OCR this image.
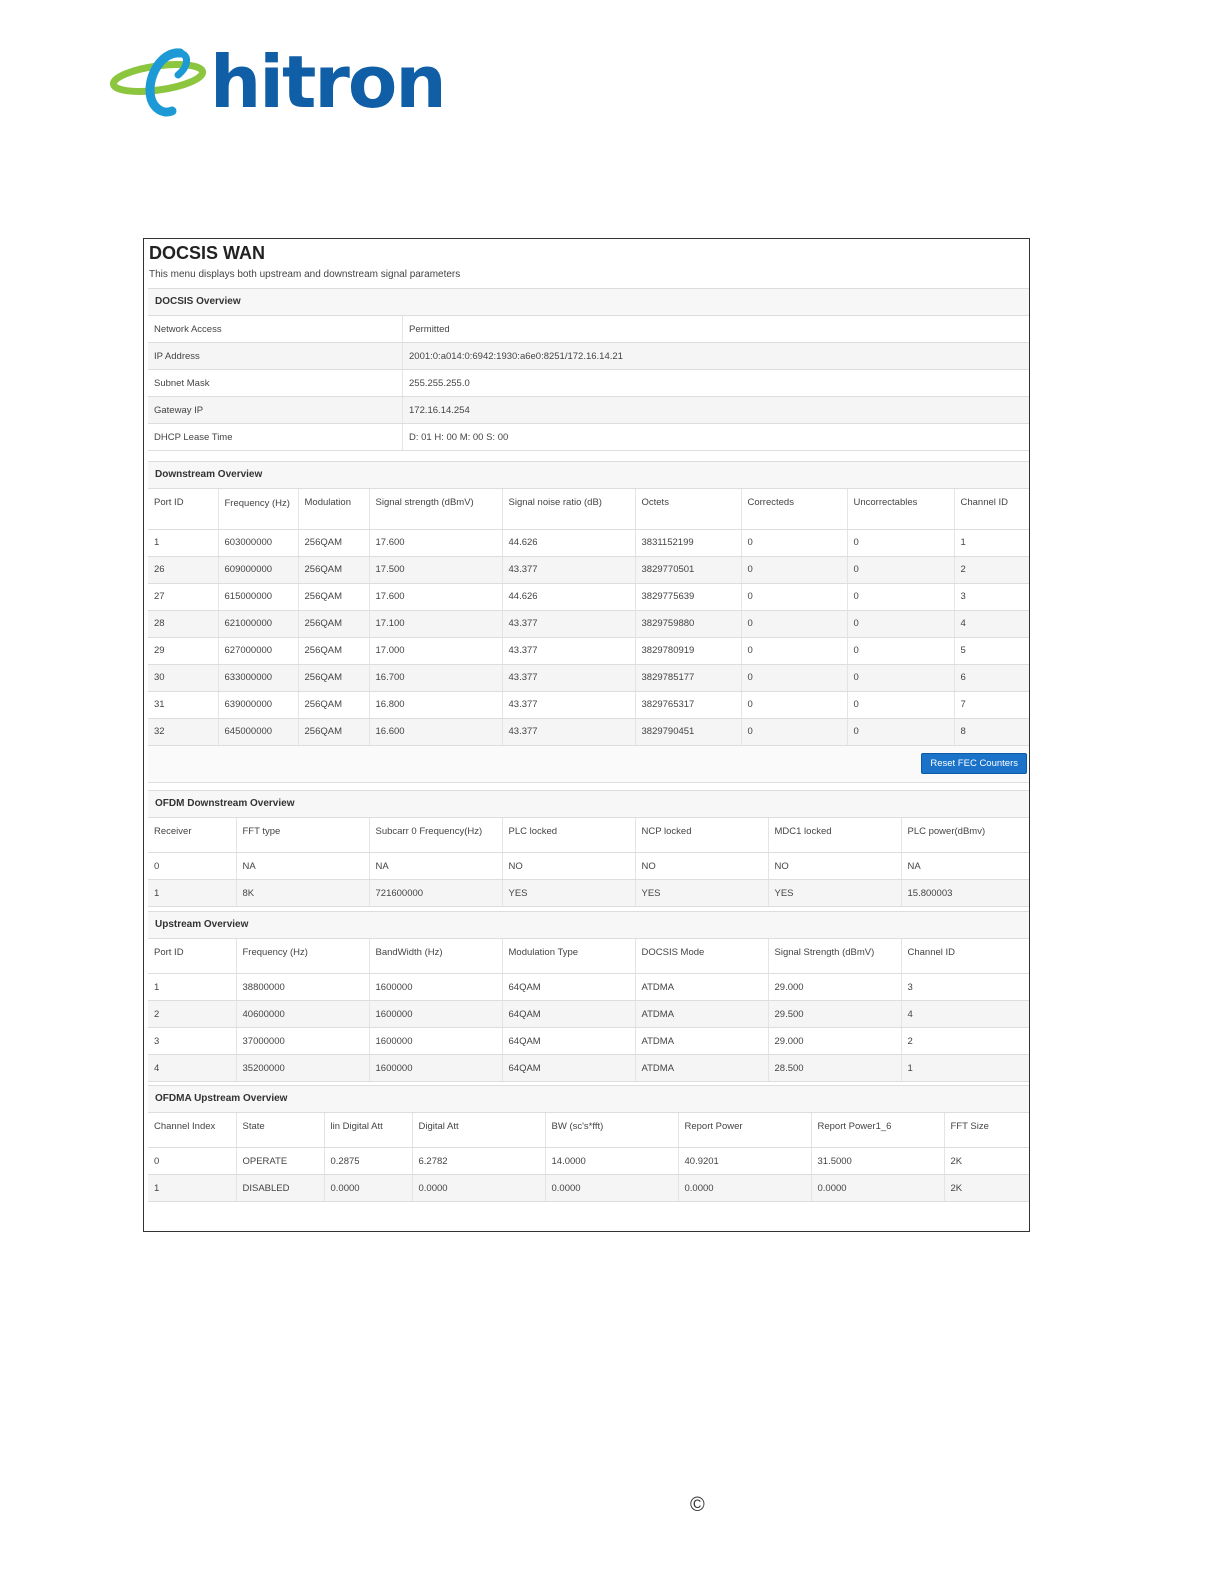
hitron
DOCSIS WAN
This menu displays both upstream and downstream signal parameters
DOCSIS Overview
Network Access	Permitted
IP Address	2001:0:a014:0:6942:1930:a6e0:8251/172.16.14.21
Subnet Mask	255.255.255.0
Gateway IP	172.16.14.254
DHCP Lease Time	D: 01 H: 00 M: 00 S: 00
Downstream Overview
Port ID	Frequency (Hz)	Modulation	Signal strength (dBmV)	Signal noise ratio (dB)	Octets	Correcteds	Uncorrectables	Channel ID
1	603000000	256QAM	17.600	44.626	3831152199	0	0	1
26	609000000	256QAM	17.500	43.377	3829770501	0	0	2
27	615000000	256QAM	17.600	44.626	3829775639	0	0	3
28	621000000	256QAM	17.100	43.377	3829759880	0	0	4
29	627000000	256QAM	17.000	43.377	3829780919	0	0	5
30	633000000	256QAM	16.700	43.377	3829785177	0	0	6
31	639000000	256QAM	16.800	43.377	3829765317	0	0	7
32	645000000	256QAM	16.600	43.377	3829790451	0	0	8
Reset FEC Counters
OFDM Downstream Overview
Receiver	FFT type	Subcarr 0 Frequency(Hz)	PLC locked	NCP locked	MDC1 locked	PLC power(dBmv)
0	NA	NA	NO	NO	NO	NA
1	8K	721600000	YES	YES	YES	15.800003
Upstream Overview
Port ID	Frequency (Hz)	BandWidth (Hz)	Modulation Type	DOCSIS Mode	Signal Strength (dBmV)	Channel ID
1	38800000	1600000	64QAM	ATDMA	29.000	3
2	40600000	1600000	64QAM	ATDMA	29.500	4
3	37000000	1600000	64QAM	ATDMA	29.000	2
4	35200000	1600000	64QAM	ATDMA	28.500	1
OFDMA Upstream Overview
Channel Index	State	lin Digital Att	Digital Att	BW (sc's*fft)	Report Power	Report Power1_6	FFT Size
0	OPERATE	0.2875	6.2782	14.0000	40.9201	31.5000	2K
1	DISABLED	0.0000	0.0000	0.0000	0.0000	0.0000	2K
©
